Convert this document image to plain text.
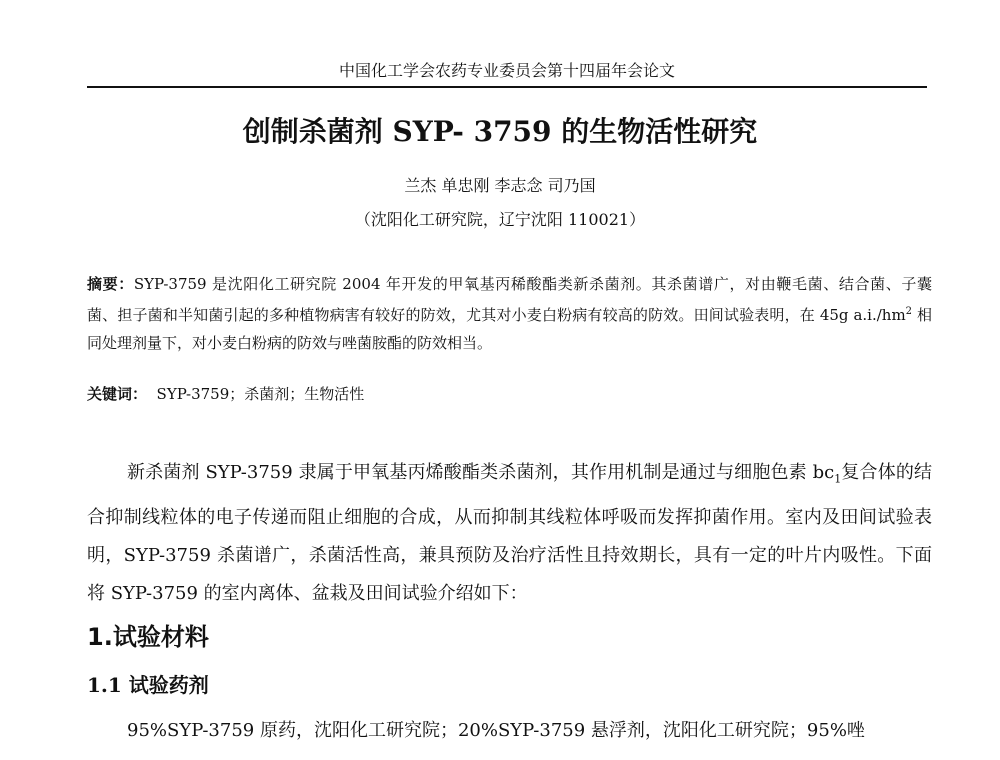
中国化工学会农药专业委员会第十四届年会论文
创制杀菌剂 SYP- 3759 的生物活性研究
兰杰 单忠刚 李志念 司乃国
（沈阳化工研究院，辽宁沈阳 110021）
摘要：SYP-3759 是沈阳化工研究院 2004 年开发的甲氧基丙稀酸酯类新杀菌剂。其杀菌谱广，对由鞭毛菌、结合菌、子囊菌、担子菌和半知菌引起的多种植物病害有较好的防效，尤其对小麦白粉病有较高的防效。田间试验表明，在 45g $a.i./hm^2$ 相同处理剂量下，对小麦白粉病的防效与唑菌胺酯的防效相当。
关键词：  SYP-3759；杀菌剂；生物活性
新杀菌剂 SYP-3759 隶属于甲氧基丙烯酸酯类杀菌剂，其作用机制是通过与细胞色素 $bc_1$复合体的结合抑制线粒体的电子传递而阻止细胞的合成，从而抑制其线粒体呼吸而发挥抑菌作用。室内及田间试验表明，SYP-3759 杀菌谱广，杀菌活性高，兼具预防及治疗活性且持效期长，具有一定的叶片内吸性。下面将 SYP-3759 的室内离体、盆栽及田间试验介绍如下：
1.试验材料
1.1 试验药剂
95%SYP-3759 原药，沈阳化工研究院；20%SYP-3759 悬浮剂，沈阳化工研究院；95%唑
